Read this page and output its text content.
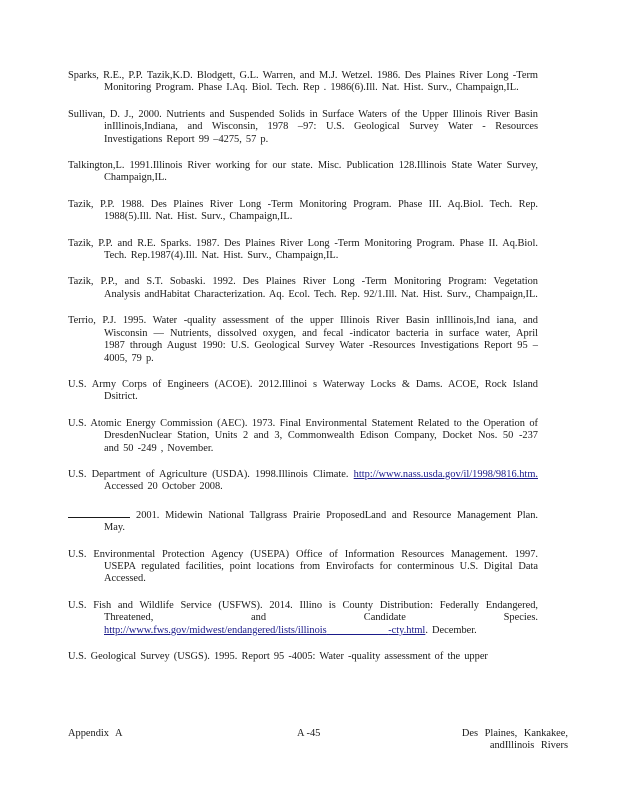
Sparks, R.E., P.P. Tazik,K.D. Blodgett, G.L. Warren, and M.J. Wetzel. 1986. Des Plaines River Long -Term Monitoring Program. Phase I.Aq. Biol. Tech. Rep . 1986(6).Ill. Nat. Hist. Surv., Champaign,IL.

Sullivan, D. J., 2000. Nutrients and Suspended Solids in Surface Waters of the Upper Illinois River Basin inIllinois,Indiana, and Wisconsin, 1978 –97: U.S. Geological Survey Water - Resources Investigations Report 99 –4275, 57 p.

Talkington,L. 1991.Illinois River working for our state. Misc. Publication 128.Illinois State Water Survey, Champaign,IL.

Tazik, P.P. 1988. Des Plaines River Long -Term Monitoring Program. Phase III. Aq.Biol. Tech. Rep. 1988(5).Ill. Nat. Hist. Surv., Champaign,IL.

Tazik, P.P. and R.E. Sparks. 1987. Des Plaines River Long -Term Monitoring Program. Phase II. Aq.Biol. Tech. Rep.1987(4).Ill. Nat. Hist. Surv., Champaign,IL.

Tazik, P.P., and S.T. Sobaski. 1992. Des Plaines River Long -Term Monitoring Program: Vegetation Analysis andHabitat Characterization. Aq. Ecol. Tech. Rep. 92/1.Ill. Nat. Hist. Surv., Champaign,IL.

Terrio, P.J. 1995. Water -quality assessment of the upper Illinois River Basin inIllinois,Ind iana, and Wisconsin — Nutrients, dissolved oxygen, and fecal -indicator bacteria in surface water, April 1987 through August 1990: U.S. Geological Survey Water -Resources Investigations Report 95 –4005, 79 p.

U.S. Army Corps of Engineers (ACOE). 2012.Illinoi s Waterway Locks & Dams. ACOE, Rock Island Dsitrict.

U.S. Atomic Energy Commission (AEC). 1973. Final Environmental Statement Related to the Operation of DresdenNuclear Station, Units 2 and 3, Commonwealth Edison Company, Docket Nos. 50 -237 and 50 -249 , November.

U.S. Department of Agriculture (USDA). 1998.Illinois Climate. http://www.nass.usda.gov/il/1998/9816.htm. Accessed 20 October 2008.

2001. Midewin National Tallgrass Prairie ProposedLand and Resource Management Plan. May.

U.S. Environmental Protection Agency (USEPA) Office of Information Resources Management. 1997. USEPA regulated facilities, point locations from Envirofacts for conterminous U.S. Digital Data Accessed.

U.S. Fish and Wildlife Service (USFWS). 2014. Illino is County Distribution: Federally Endangered, Threatened, and Candidate Species. http://www.fws.gov/midwest/endangered/lists/illinois	-cty.html. December.

U.S. Geological Survey (USGS). 1995. Report 95 -4005: Water -quality assessment of the upper

Appendix A	A -45	Des Plaines, Kankakee,
andIllinois Rivers
